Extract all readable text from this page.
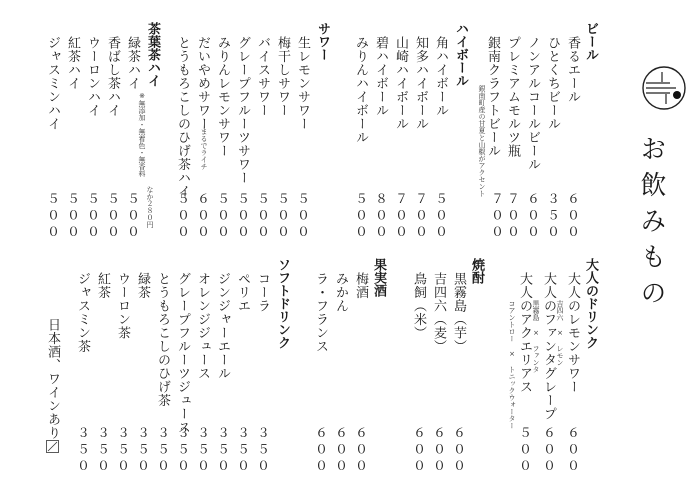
お飲みもの
ビール
香るエール
ひとくちビール
ノンアルコールビール
プレミアムモルツ瓶
銀南クラフトビール
銀南町産の甘夏と山椒がアクセント
６００
３５０
６００
７００
７００
ハイボール
角ハイボール
知多ハイボール
山崎ハイボール
碧ハイボール
みりんハイボール
５００
７００
７００
８００
５００
サワー
生レモンサワー
梅干しサワー
バイスサワー
グレープフルーツサワー
みりんレモンサワー
だいやめサワー
まるでライチ
とうもろこしのひげ茶ハイ
５００
５００
５００
５００
５００
６００
５００
茶葉茶ハイ
※無添加・無着色・無香料
なか２８０円
緑茶ハイ
香ばし茶ハイ
ウーロンハイ
紅茶ハイ
ジャスミンハイ
５００
５００
５００
５００
５００
大人のドリンク
大人のレモンサワー
吉四六 × レモン
大人のファンタグレープ
黒霧島 × ファンタ
大人のアクエリアス
コアントロー × トニックウォーター
６００
６００
５００
焼酎
黒霧島（芋）
吉四六（麦）
鳥飼（米）
６００
６００
６００
果実酒
梅酒
みかん
ラ・フランス
６００
６００
６００
ソフトドリンク
コーラ
ペリエ
ジンジャーエール
オレンジジュース
グレープフルーツジュース
とうもろこしのひげ茶
緑茶
ウーロン茶
紅茶
ジャスミン茶
３５０
３５０
３５０
３５０
３５０
３５０
３５０
３５０
３５０
３５０
日本酒、ワインあり
